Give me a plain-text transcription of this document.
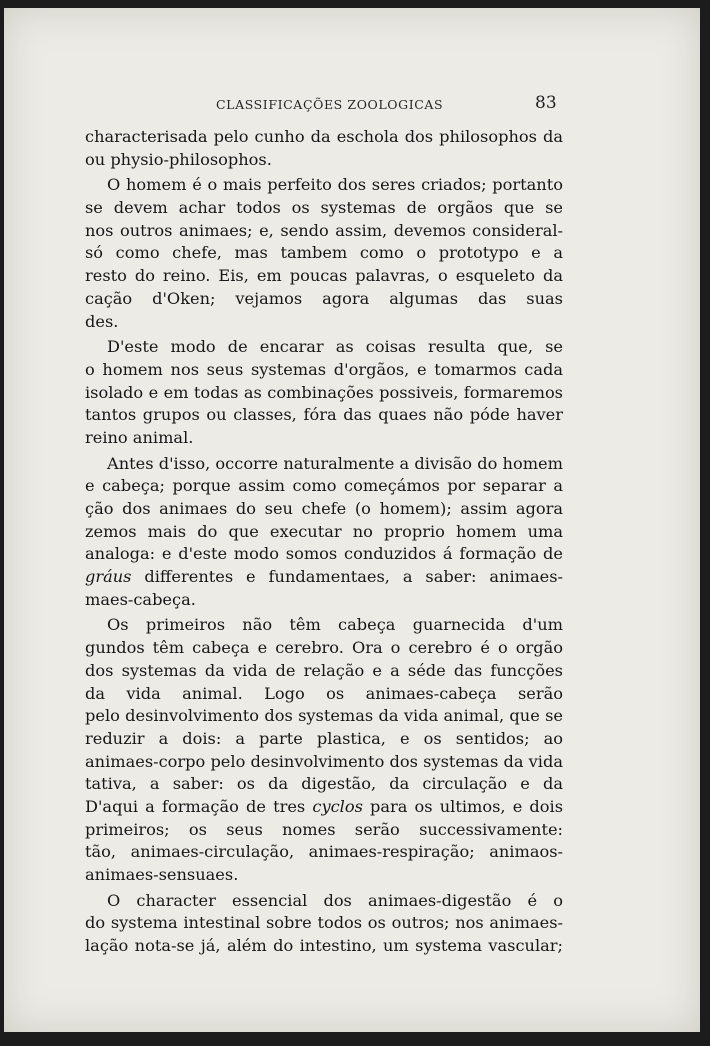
CLASSIFICAÇÕES ZOOLOGICAS	83
characterisada pelo cunho da eschola dos philosophos da
ou physio-philosophos.
O homem é o mais perfeito dos seres criados; portanto
se devem achar todos os systemas de orgãos que se
nos outros animaes; e, sendo assim, devemos consideral-
só como chefe, mas tambem como o prototypo e a
resto do reino. Eis, em poucas palavras, o esqueleto da
cação d'Oken; vejamos agora algumas das suas
des.
D'este modo de encarar as coisas resulta que, se
o homem nos seus systemas d'orgãos, e tomarmos cada
isolado e em todas as combinações possiveis, formaremos
tantos grupos ou classes, fóra das quaes não póde haver
reino animal.
Antes d'isso, occorre naturalmente a divisão do homem
e cabeça; porque assim como começámos por separar a
ção dos animaes do seu chefe (o homem); assim agora
zemos mais do que executar no proprio homem uma
analoga: e d'este modo somos conduzidos á formação de
gráus differentes e fundamentaes, a saber: animaes-
maes-cabeça.
Os primeiros não têm cabeça guarnecida d'um
gundos têm cabeça e cerebro. Ora o cerebro é o orgão
dos systemas da vida de relação e a séde das funcções
da vida animal. Logo os animaes-cabeça serão
pelo desinvolvimento dos systemas da vida animal, que se
reduzir a dois: a parte plastica, e os sentidos; ao
animaes-corpo pelo desinvolvimento dos systemas da vida
tativa, a saber: os da digestão, da circulação e da
D'aqui a formação de tres cyclos para os ultimos, e dois
primeiros; os seus nomes serão successivamente:
tão, animaes-circulação, animaes-respiração; animaos-
animaes-sensuaes.
O character essencial dos animaes-digestão é o
do systema intestinal sobre todos os outros; nos animaes-
lação nota-se já, além do intestino, um systema vascular;
